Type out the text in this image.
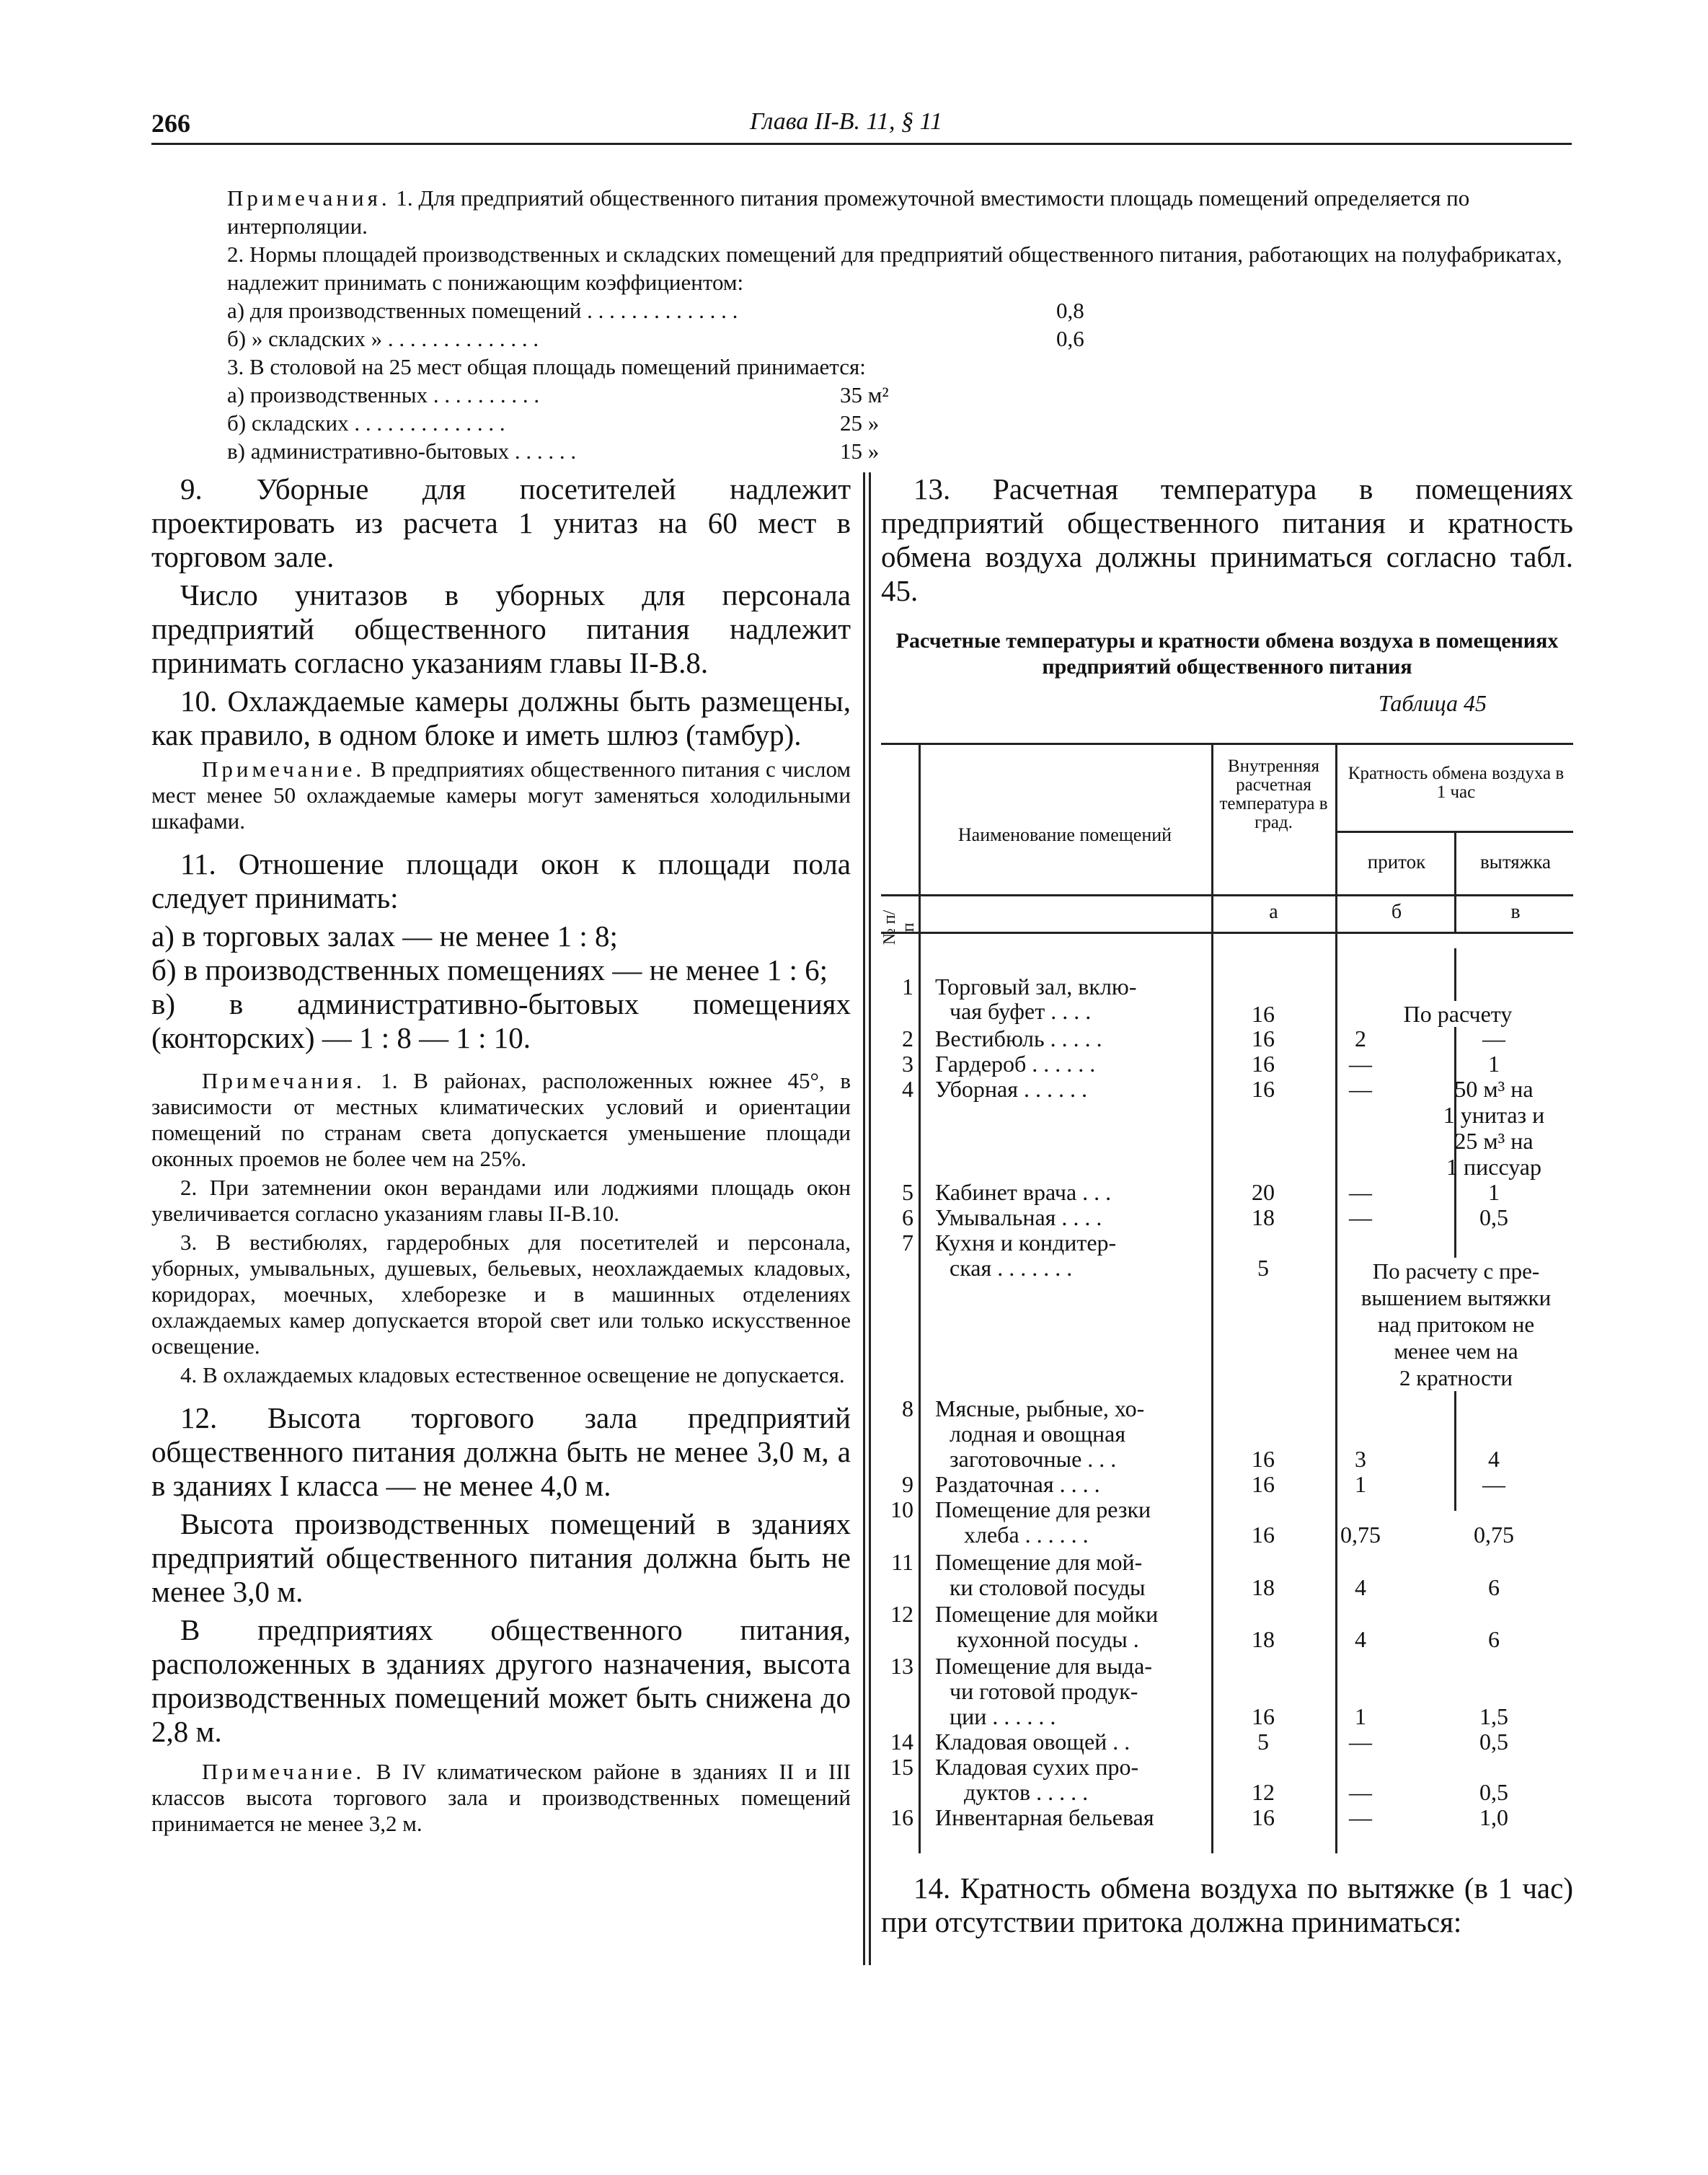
266	Глава II-В. 11, § 11

Примечания. 1. Для предприятий общественного питания промежуточной вместимости площадь помещений определяется по интерполяции.

2. Нормы площадей производственных и складских помещений для предприятий общественного питания, работающих на полуфабрикатах, надлежит принимать с понижающим коэффициентом:

а) для производственных помещений . . . . . . . . . . . . . .	0,8
б) » складских » . . . . . . . . . . . . . .	0,6

3. В столовой на 25 мест общая площадь помещений принимается:

а) производственных . . . . . . . . . .	35 м²
б) складских . . . . . . . . . . . . . .	25 »
в) административно-бытовых . . . . . .	15 »

9. Уборные для посетителей надлежит проектировать из расчета 1 унитаз на 60 мест в торговом зале.

Число унитазов в уборных для персонала предприятий общественного питания надлежит принимать согласно указаниям главы II-В.8.

10. Охлаждаемые камеры должны быть размещены, как правило, в одном блоке и иметь шлюз (тамбур).

Примечание. В предприятиях общественного питания с числом мест менее 50 охлаждаемые камеры могут заменяться холодильными шкафами.

11. Отношение площади окон к площади пола следует принимать:

а) в торговых залах — не менее 1 : 8;

б) в производственных помещениях — не менее 1 : 6;

в) в административно-бытовых помещениях (конторских) — 1 : 8 — 1 : 10.

Примечания. 1. В районах, расположенных южнее 45°, в зависимости от местных климатических условий и ориентации помещений по странам света допускается уменьшение площади оконных проемов не более чем на 25%.

2. При затемнении окон верандами или лоджиями площадь окон увеличивается согласно указаниям главы II-В.10.

3. В вестибюлях, гардеробных для посетителей и персонала, уборных, умывальных, душевых, бельевых, неохлаждаемых кладовых, коридорах, моечных, хлеборезке и в машинных отделениях охлаждаемых камер допускается второй свет или только искусственное освещение.

4. В охлаждаемых кладовых естественное освещение не допускается.

12. Высота торгового зала предприятий общественного питания должна быть не менее 3,0 м, а в зданиях I класса — не менее 4,0 м.

Высота производственных помещений в зданиях предприятий общественного питания должна быть не менее 3,0 м.

В предприятиях общественного питания, расположенных в зданиях другого назначения, высота производственных помещений может быть снижена до 2,8 м.

Примечание. В IV климатическом районе в зданиях II и III классов высота торгового зала и производственных помещений принимается не менее 3,2 м.

13. Расчетная температура в помещениях предприятий общественного питания и кратность обмена воздуха должны приниматься согласно табл. 45.

Расчетные температуры и кратности обмена воздуха в помещениях предприятий общественного питания
Таблица 45
№ п/п
Наименование помещений
Внутренняя расчетная температура в град.
Кратность обмена воздуха в 1 час
приток	вытяжка
а	б	в
1 Торговый зал, вклю-
чая буфет . . . .	16	По расчету
2 Вестибюль . . . . .	16	2	—
3 Гардероб . . . . . .	16	—	1
4 Уборная . . . . . .	16	—	50 м³ на
1 унитаз и
25 м³ на
1 писсуар
5 Кабинет врача . . .	20	—	1
6 Умывальная . . . .	18	—	0,5
7 Кухня и кондитер-
ская . . . . . . .	5	По расчету с пре-
вышением вытяжки
над притоком не
менее чем на
2 кратности
8 Мясные, рыбные, хо-
лодная и овощная
заготовочные . . .	16	3	4
9 Раздаточная . . . .	16	1	—
10 Помещение для резки
хлеба . . . . . .	16	0,75	0,75
11 Помещение для мой-
ки столовой посуды	18	4	6
12 Помещение для мойки
кухонной посуды .	18	4	6
13 Помещение для выда-
чи готовой продук-
ции . . . . . .	16	1	1,5
14 Кладовая овощей . .	5	—	0,5
15 Кладовая сухих про-
дуктов . . . . .	12	—	0,5
16 Инвентарная бельевая	16	—	1,0
14. Кратность обмена воздуха по вытяжке (в 1 час) при отсутствии притока должна приниматься:
